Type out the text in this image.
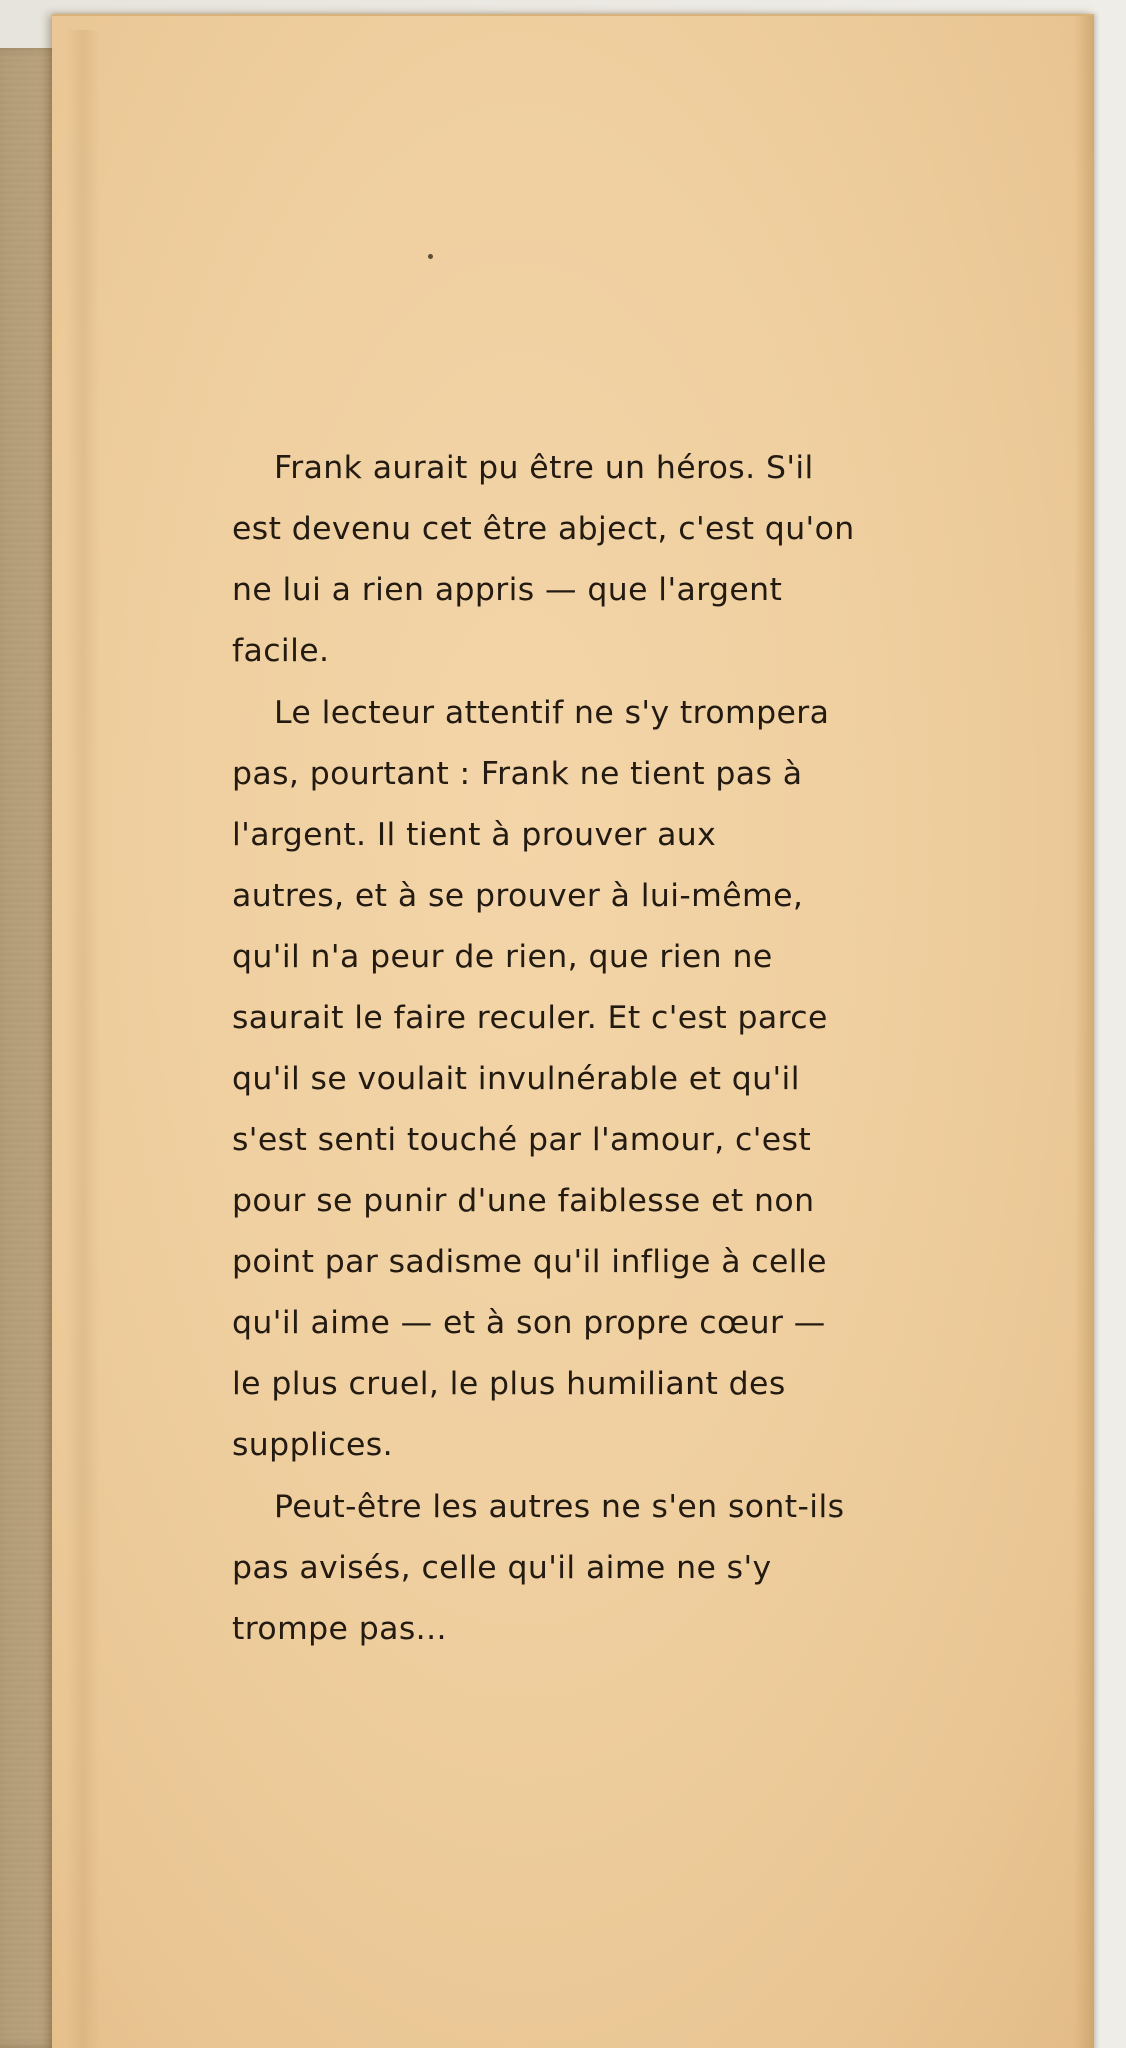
Frank aurait pu être un héros. S'il
est devenu cet être abject, c'est qu'on
ne lui a rien appris — que l'argent
facile.
Le lecteur attentif ne s'y trompera
pas, pourtant : Frank ne tient pas à
l'argent. Il tient à prouver aux
autres, et à se prouver à lui-même,
qu'il n'a peur de rien, que rien ne
saurait le faire reculer. Et c'est parce
qu'il se voulait invulnérable et qu'il
s'est senti touché par l'amour, c'est
pour se punir d'une faiblesse et non
point par sadisme qu'il inflige à celle
qu'il aime — et à son propre cœur —
le plus cruel, le plus humiliant des
supplices.
Peut-être les autres ne s'en sont-ils
pas avisés, celle qu'il aime ne s'y
trompe pas...
